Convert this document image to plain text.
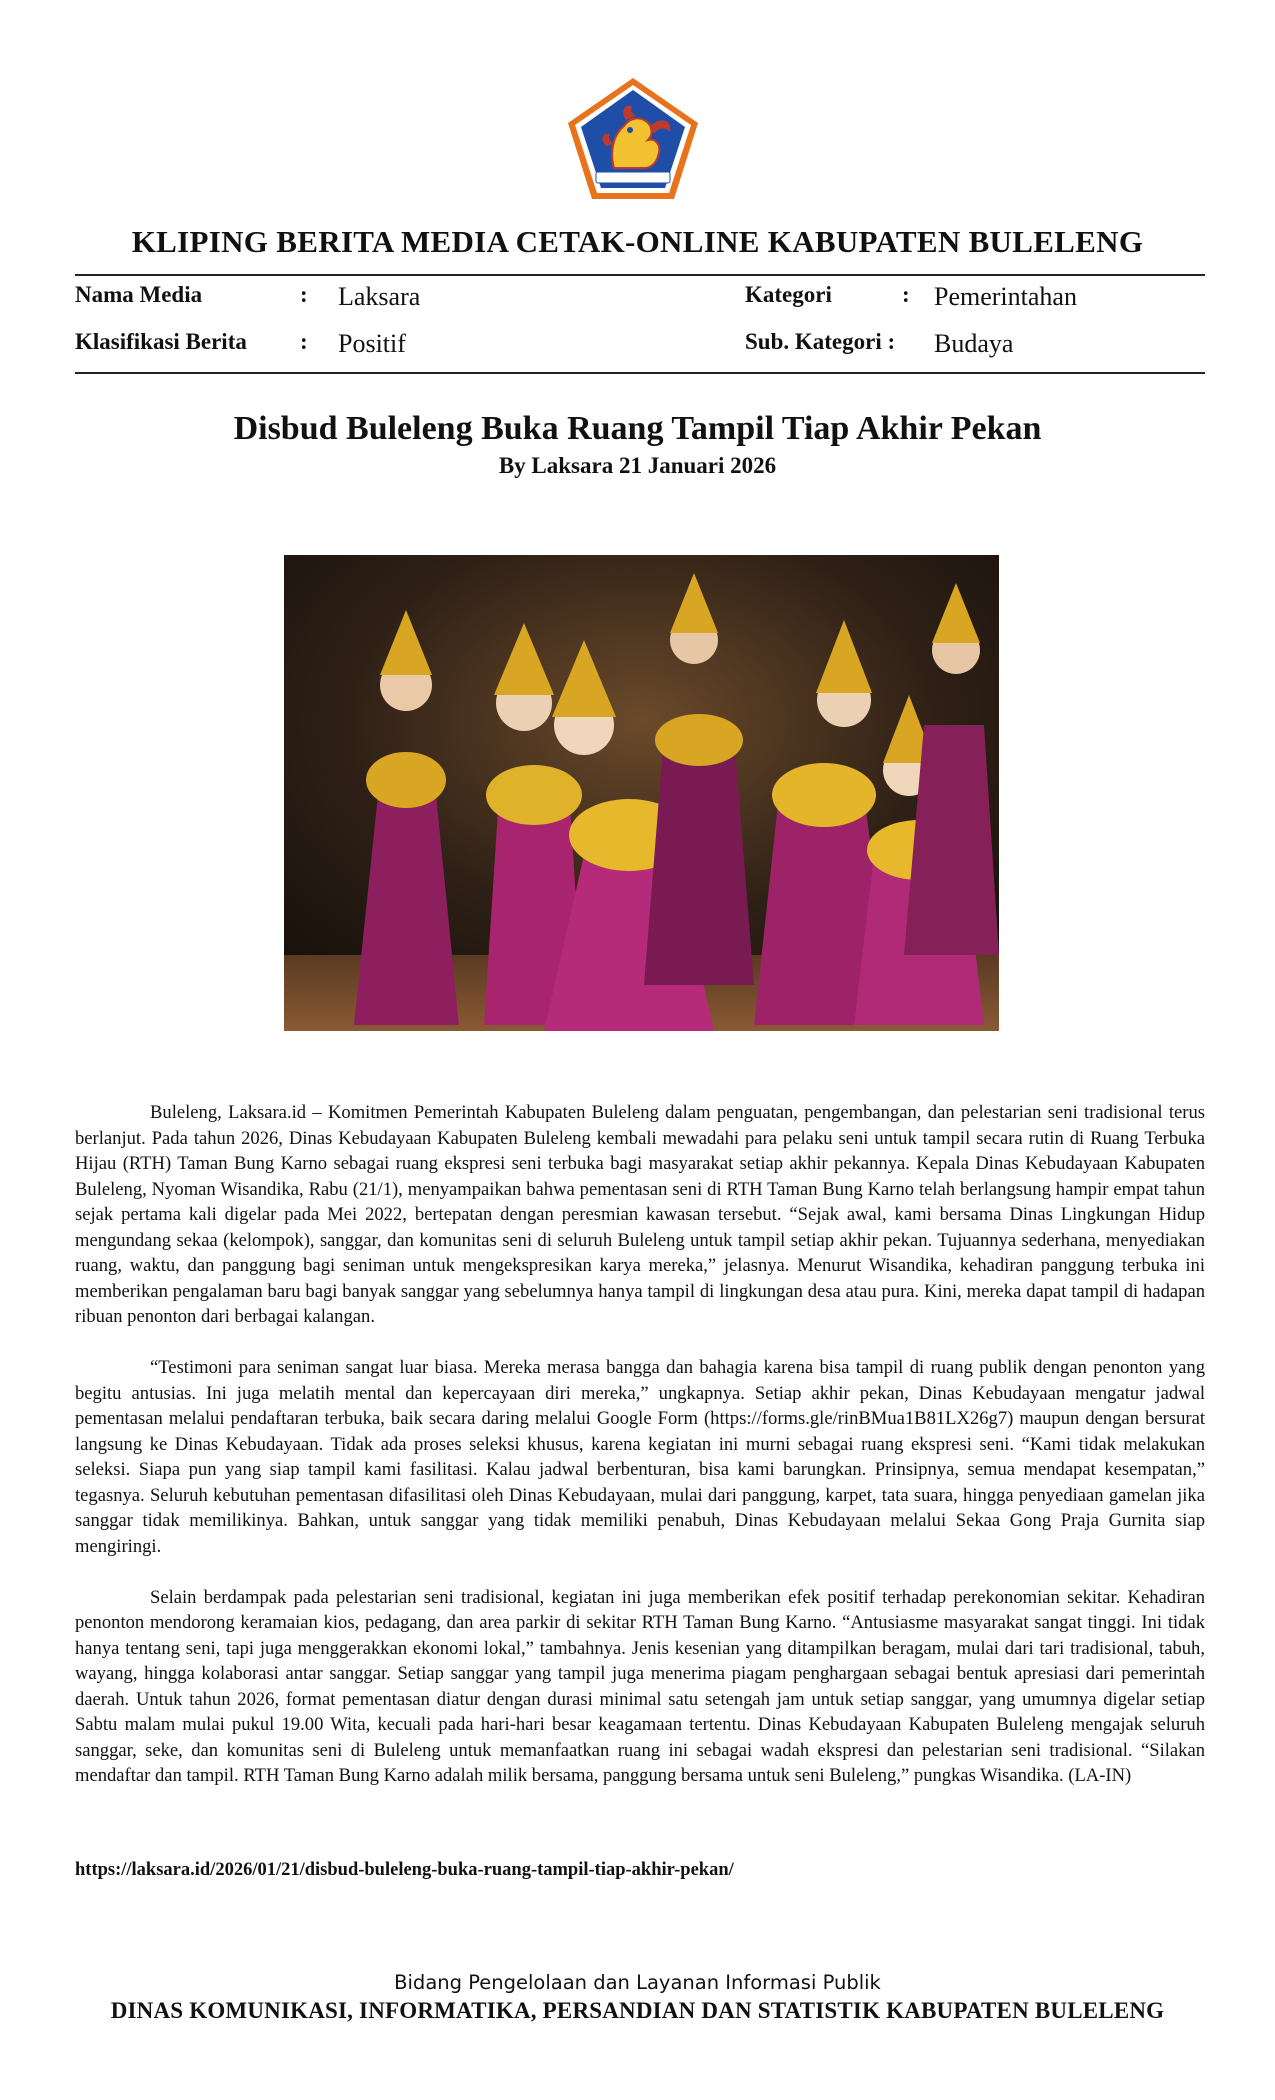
KLIPING BERITA MEDIA CETAK-ONLINE KABUPATEN BULELENG
Nama Media	: Laksara	Kategori	: Pemerintahan
Klasifikasi Berita : Positif	Sub. Kategori : Budaya
Disbud Buleleng Buka Ruang Tampil Tiap Akhir Pekan
By Laksara 21 Januari 2026

Buleleng, Laksara.id – Komitmen Pemerintah Kabupaten Buleleng dalam penguatan, pengembangan, dan pelestarian seni tradisional terus berlanjut. Pada tahun 2026, Dinas Kebudayaan Kabupaten Buleleng kembali mewadahi para pelaku seni untuk tampil secara rutin di Ruang Terbuka Hijau (RTH) Taman Bung Karno sebagai ruang ekspresi seni terbuka bagi masyarakat setiap akhir pekannya. Kepala Dinas Kebudayaan Kabupaten Buleleng, Nyoman Wisandika, Rabu (21/1), menyampaikan bahwa pementasan seni di RTH Taman Bung Karno telah berlangsung hampir empat tahun sejak pertama kali digelar pada Mei 2022, bertepatan dengan peresmian kawasan tersebut. “Sejak awal, kami bersama Dinas Lingkungan Hidup mengundang sekaa (kelompok), sanggar, dan komunitas seni di seluruh Buleleng untuk tampil setiap akhir pekan. Tujuannya sederhana, menyediakan ruang, waktu, dan panggung bagi seniman untuk mengekspresikan karya mereka,” jelasnya. Menurut Wisandika, kehadiran panggung terbuka ini memberikan pengalaman baru bagi banyak sanggar yang sebelumnya hanya tampil di lingkungan desa atau pura. Kini, mereka dapat tampil di hadapan ribuan penonton dari berbagai kalangan.

“Testimoni para seniman sangat luar biasa. Mereka merasa bangga dan bahagia karena bisa tampil di ruang publik dengan penonton yang begitu antusias. Ini juga melatih mental dan kepercayaan diri mereka,” ungkapnya. Setiap akhir pekan, Dinas Kebudayaan mengatur jadwal pementasan melalui pendaftaran terbuka, baik secara daring melalui Google Form (https://forms.gle/rinBMua1B81LX26g7) maupun dengan bersurat langsung ke Dinas Kebudayaan. Tidak ada proses seleksi khusus, karena kegiatan ini murni sebagai ruang ekspresi seni. “Kami tidak melakukan seleksi. Siapa pun yang siap tampil kami fasilitasi. Kalau jadwal berbenturan, bisa kami barungkan. Prinsipnya, semua mendapat kesempatan,” tegasnya. Seluruh kebutuhan pementasan difasilitasi oleh Dinas Kebudayaan, mulai dari panggung, karpet, tata suara, hingga penyediaan gamelan jika sanggar tidak memilikinya. Bahkan, untuk sanggar yang tidak memiliki penabuh, Dinas Kebudayaan melalui Sekaa Gong Praja Gurnita siap mengiringi.

Selain berdampak pada pelestarian seni tradisional, kegiatan ini juga memberikan efek positif terhadap perekonomian sekitar. Kehadiran penonton mendorong keramaian kios, pedagang, dan area parkir di sekitar RTH Taman Bung Karno. “Antusiasme masyarakat sangat tinggi. Ini tidak hanya tentang seni, tapi juga menggerakkan ekonomi lokal,” tambahnya. Jenis kesenian yang ditampilkan beragam, mulai dari tari tradisional, tabuh, wayang, hingga kolaborasi antar sanggar. Setiap sanggar yang tampil juga menerima piagam penghargaan sebagai bentuk apresiasi dari pemerintah daerah. Untuk tahun 2026, format pementasan diatur dengan durasi minimal satu setengah jam untuk setiap sanggar, yang umumnya digelar setiap Sabtu malam mulai pukul 19.00 Wita, kecuali pada hari-hari besar keagamaan tertentu. Dinas Kebudayaan Kabupaten Buleleng mengajak seluruh sanggar, seke, dan komunitas seni di Buleleng untuk memanfaatkan ruang ini sebagai wadah ekspresi dan pelestarian seni tradisional. “Silakan mendaftar dan tampil. RTH Taman Bung Karno adalah milik bersama, panggung bersama untuk seni Buleleng,” pungkas Wisandika. (LA-IN)

https://laksara.id/2026/01/21/disbud-buleleng-buka-ruang-tampil-tiap-akhir-pekan/
Bidang Pengelolaan dan Layanan Informasi Publik
DINAS KOMUNIKASI, INFORMATIKA, PERSANDIAN DAN STATISTIK KABUPATEN BULELENG
